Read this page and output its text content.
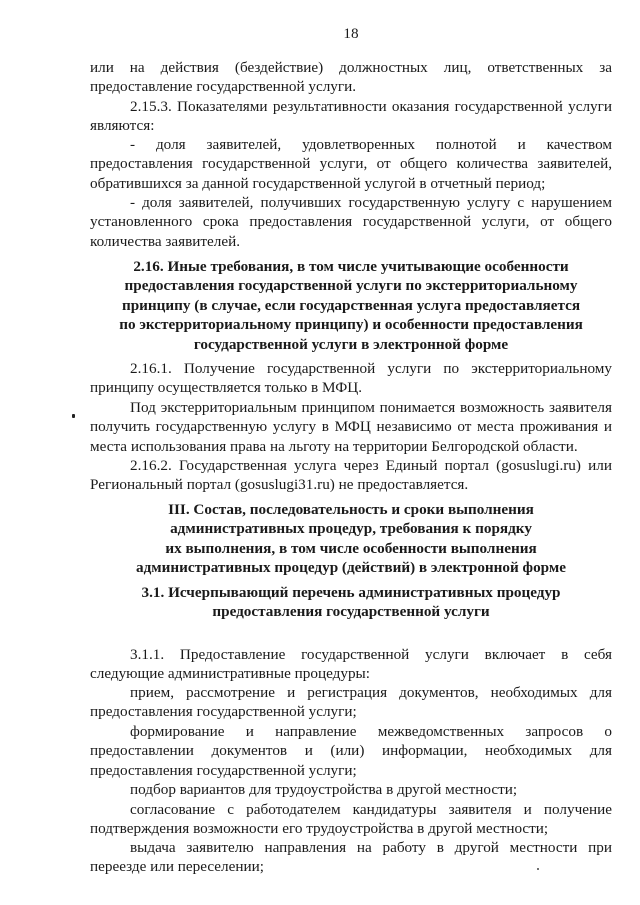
18

или на действия (бездействие) должностных лиц, ответственных за предоставление государственной услуги.

2.15.3. Показателями результативности оказания государственной услуги являются:

- доля заявителей, удовлетворенных полнотой и качеством предоставления государственной услуги, от общего количества заявителей, обратившихся за данной государственной услугой в отчетный период;

- доля заявителей, получивших государственную услугу с нарушением установленного срока предоставления государственной услуги, от общего количества заявителей.

2.16. Иные требования, в том числе учитывающие особенности

предоставления государственной услуги по экстерриториальному

принципу (в случае, если государственная услуга предоставляется

по экстерриториальному принципу) и особенности предоставления

государственной услуги в электронной форме

2.16.1. Получение государственной услуги по экстерриториальному принципу осуществляется только в МФЦ.

Под экстерриториальным принципом понимается возможность заявителя получить государственную услугу в МФЦ независимо от места проживания и места использования права на льготу на территории Белгородской области.

2.16.2. Государственная услуга через Единый портал (gosuslugi.ru) или Региональный портал (gosuslugi31.ru) не предоставляется.

III. Состав, последовательность и сроки выполнения

административных процедур, требования к порядку

их выполнения, в том числе особенности выполнения

административных процедур (действий) в электронной форме

3.1. Исчерпывающий перечень административных процедур

предоставления государственной услуги

3.1.1. Предоставление государственной услуги включает в себя следующие административные процедуры:

прием, рассмотрение и регистрация документов, необходимых для предоставления государственной услуги;

формирование и направление межведомственных запросов о предоставлении документов и (или) информации, необходимых для предоставления государственной услуги;

подбор вариантов для трудоустройства в другой местности;

согласование с работодателем кандидатуры заявителя и получение подтверждения возможности его трудоустройства в другой местности;

выдача заявителю направления на работу в другой местности при переезде или переселении;
